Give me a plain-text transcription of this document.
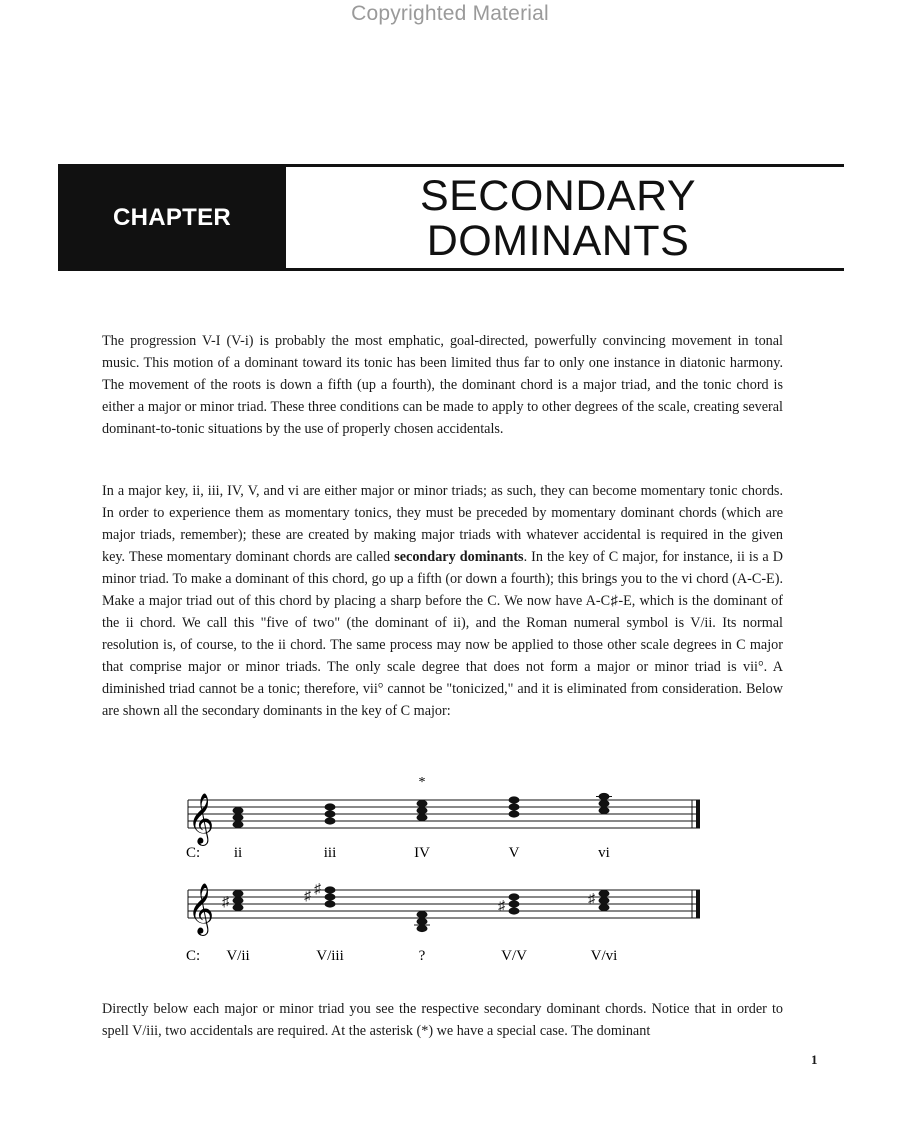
Copyrighted Material
CHAPTER	SECONDARY
DOMINANTS

The progression V-I (V-i) is probably the most emphatic, goal-directed, powerfully convincing movement in tonal music. This motion of a dominant toward its tonic has been limited thus far to only one instance in diatonic harmony. The movement of the roots is down a fifth (up a fourth), the dominant chord is a major triad, and the tonic chord is either a major or minor triad. These three conditions can be made to apply to other degrees of the scale, creating several dominant-to-tonic situations by the use of properly chosen accidentals.

In a major key, ii, iii, IV, V, and vi are either major or minor triads; as such, they can become momentary tonic chords. In order to experience them as momentary tonics, they must be preceded by momentary dominant chords (which are major triads, remember); these are created by making major triads with whatever accidental is required in the given key. These momentary dominant chords are called secondary dominants. In the key of C major, for instance, ii is a D minor triad. To make a dominant of this chord, go up a fifth (or down a fourth); this brings you to the vi chord (A-C-E). Make a major triad out of this chord by placing a sharp before the C. We now have A-C♯-E, which is the dominant of the ii chord. We call this "five of two" (the dominant of ii), and the Roman numeral symbol is V/ii. Its normal resolution is, of course, to the ii chord. The same process may now be applied to those other scale degrees in C major that comprise major or minor triads. The only scale degree that does not form a major or minor triad is vii°. A diminished triad cannot be a tonic; therefore, vii° cannot be "tonicized," and it is eliminated from consideration. Below are shown all the secondary dominants in the key of C major:

*
𝄞
C: ii	iii	IV	V	vi
𝄞 ♯	♯ ♯
♯	♯
C: V/ii	V/iii	?	V/V	V/vi

Directly below each major or minor triad you see the respective secondary dominant chords. Notice that in order to spell V/iii, two accidentals are required. At the asterisk (*) we have a special case. The dominant

1
